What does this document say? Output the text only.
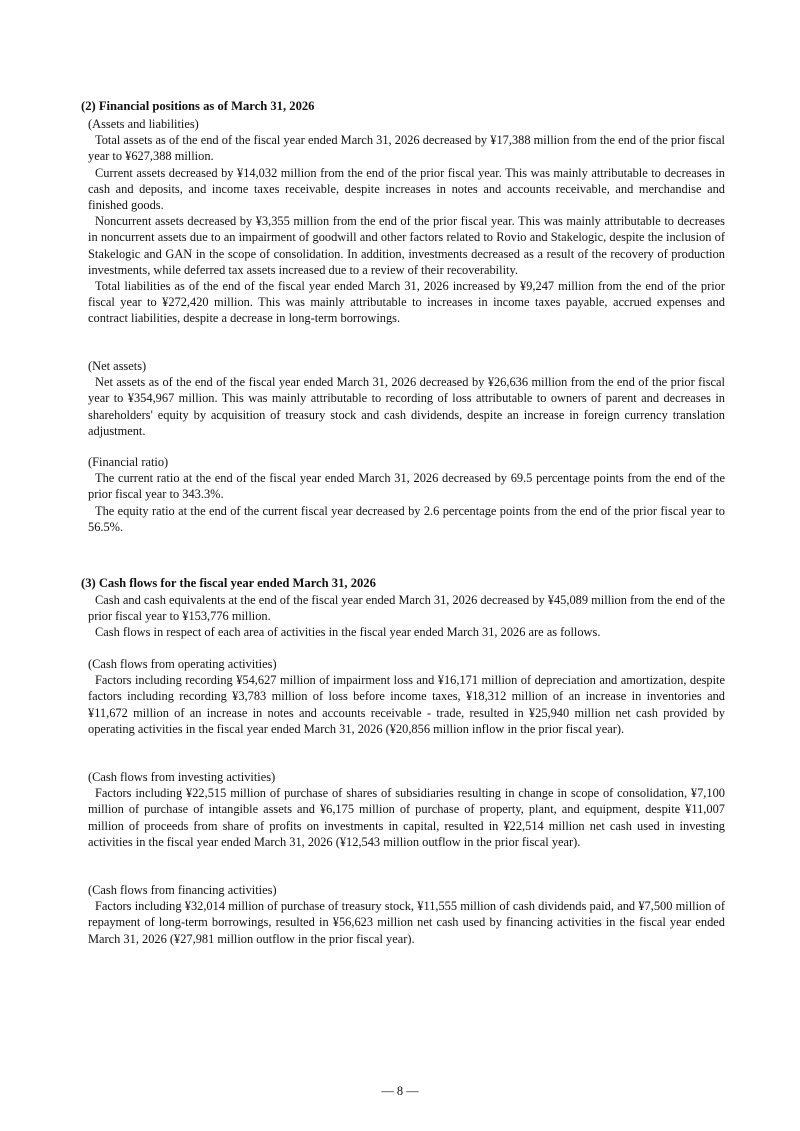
(2) Financial positions as of March 31, 2026

(Assets and liabilities)

Total assets as of the end of the fiscal year ended March 31, 2026 decreased by ¥17,388 million from the end of the prior fiscal year to ¥627,388 million.

Current assets decreased by ¥14,032 million from the end of the prior fiscal year. This was mainly attributable to decreases in cash and deposits, and income taxes receivable, despite increases in notes and accounts receivable, and merchandise and finished goods.

Noncurrent assets decreased by ¥3,355 million from the end of the prior fiscal year. This was mainly attributable to decreases in noncurrent assets due to an impairment of goodwill and other factors related to Rovio and Stakelogic, despite the inclusion of Stakelogic and GAN in the scope of consolidation. In addition, investments decreased as a result of the recovery of production investments, while deferred tax assets increased due to a review of their recoverability.

Total liabilities as of the end of the fiscal year ended March 31, 2026 increased by ¥9,247 million from the end of the prior fiscal year to ¥272,420 million. This was mainly attributable to increases in income taxes payable, accrued expenses and contract liabilities, despite a decrease in long-term borrowings.

(Net assets)

Net assets as of the end of the fiscal year ended March 31, 2026 decreased by ¥26,636 million from the end of the prior fiscal year to ¥354,967 million. This was mainly attributable to recording of loss attributable to owners of parent and decreases in shareholders' equity by acquisition of treasury stock and cash dividends, despite an increase in foreign currency translation adjustment.

(Financial ratio)

The current ratio at the end of the fiscal year ended March 31, 2026 decreased by 69.5 percentage points from the end of the prior fiscal year to 343.3%.

The equity ratio at the end of the current fiscal year decreased by 2.6 percentage points from the end of the prior fiscal year to 56.5%.

(3) Cash flows for the fiscal year ended March 31, 2026

Cash and cash equivalents at the end of the fiscal year ended March 31, 2026 decreased by ¥45,089 million from the end of the prior fiscal year to ¥153,776 million.

Cash flows in respect of each area of activities in the fiscal year ended March 31, 2026 are as follows.

(Cash flows from operating activities)

Factors including recording ¥54,627 million of impairment loss and ¥16,171 million of depreciation and amortization, despite factors including recording ¥3,783 million of loss before income taxes, ¥18,312 million of an increase in inventories and ¥11,672 million of an increase in notes and accounts receivable - trade, resulted in ¥25,940 million net cash provided by operating activities in the fiscal year ended March 31, 2026 (¥20,856 million inflow in the prior fiscal year).

(Cash flows from investing activities)

Factors including ¥22,515 million of purchase of shares of subsidiaries resulting in change in scope of consolidation, ¥7,100 million of purchase of intangible assets and ¥6,175 million of purchase of property, plant, and equipment, despite ¥11,007 million of proceeds from share of profits on investments in capital, resulted in ¥22,514 million net cash used in investing activities in the fiscal year ended March 31, 2026 (¥12,543 million outflow in the prior fiscal year).

(Cash flows from financing activities)

Factors including ¥32,014 million of purchase of treasury stock, ¥11,555 million of cash dividends paid, and ¥7,500 million of repayment of long-term borrowings, resulted in ¥56,623 million net cash used by financing activities in the fiscal year ended March 31, 2026 (¥27,981 million outflow in the prior fiscal year).

― 8 ―
